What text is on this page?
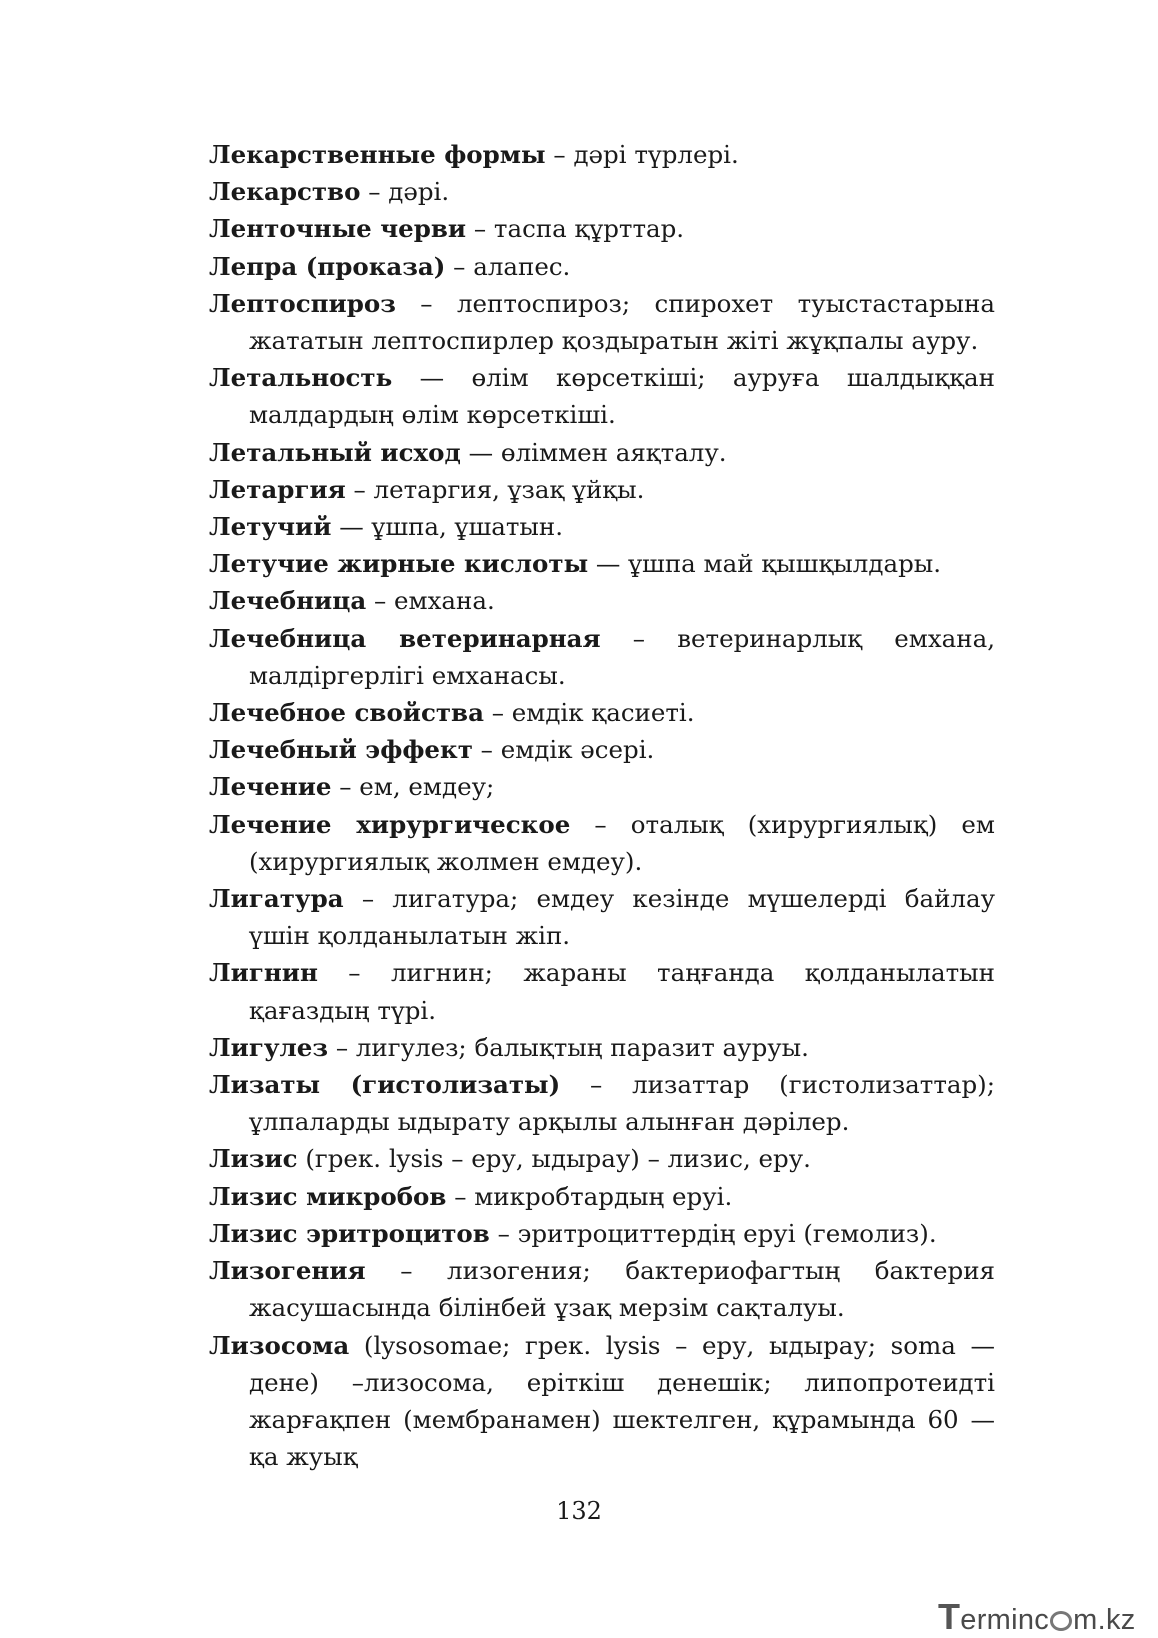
Лекарственные формы – дәрі түрлері.

Лекарство – дәрі.

Ленточные черви – таспа құрттар.

Лепра (проказа) – алапес.

Лептоспироз – лептоспироз; спирохет туыстастарына жататын лептоспирлер қоздыратын жіті жұқпалы ауру.

Летальность — өлім көрсеткіші; ауруға шалдыққан малдардың өлім көрсеткіші.

Летальный исход — өліммен аяқталу.

Летаргия – летаргия, ұзақ ұйқы.

Летучий — ұшпа, ұшатын.

Летучие жирные кислоты — ұшпа май қышқылдары.

Лечебница – емхана.

Лечебница ветеринарная – ветеринарлық емхана, малдіргерлігі емханасы.

Лечебное свойства – емдік қасиеті.

Лечебный эффект – емдік әсері.

Лечение – ем, емдеу;

Лечение хирургическое – оталық (хирургиялық) ем (хирургиялық жолмен емдеу).

Лигатура – лигатура; емдеу кезінде мүшелерді байлау үшін қолданылатын жіп.

Лигнин – лигнин; жараны таңғанда қолданылатын қағаздың түрі.

Лигулез – лигулез; балықтың паразит ауруы.

Лизаты (гистолизаты) – лизаттар (гистолизаттар); ұлпаларды ыдырату арқылы алынған дәрілер.

Лизис (грек. lysis – еру, ыдырау) – лизис, еру.

Лизис микробов – микробтардың еруі.

Лизис эритроцитов – эритроциттердің еруі (гемолиз).

Лизогения – лизогения; бактериофагтың бактерия жасушасында білінбей ұзақ мерзім сақталуы.

Лизосома (lysosomae; грек. lysis – еру, ыдырау; soma — дене) –лизосома, еріткіш денешік; липопротеидті жарғақпен (мембранамен) шектелген, құрамында 60 — қа жуық

132
Terminc m.kz
